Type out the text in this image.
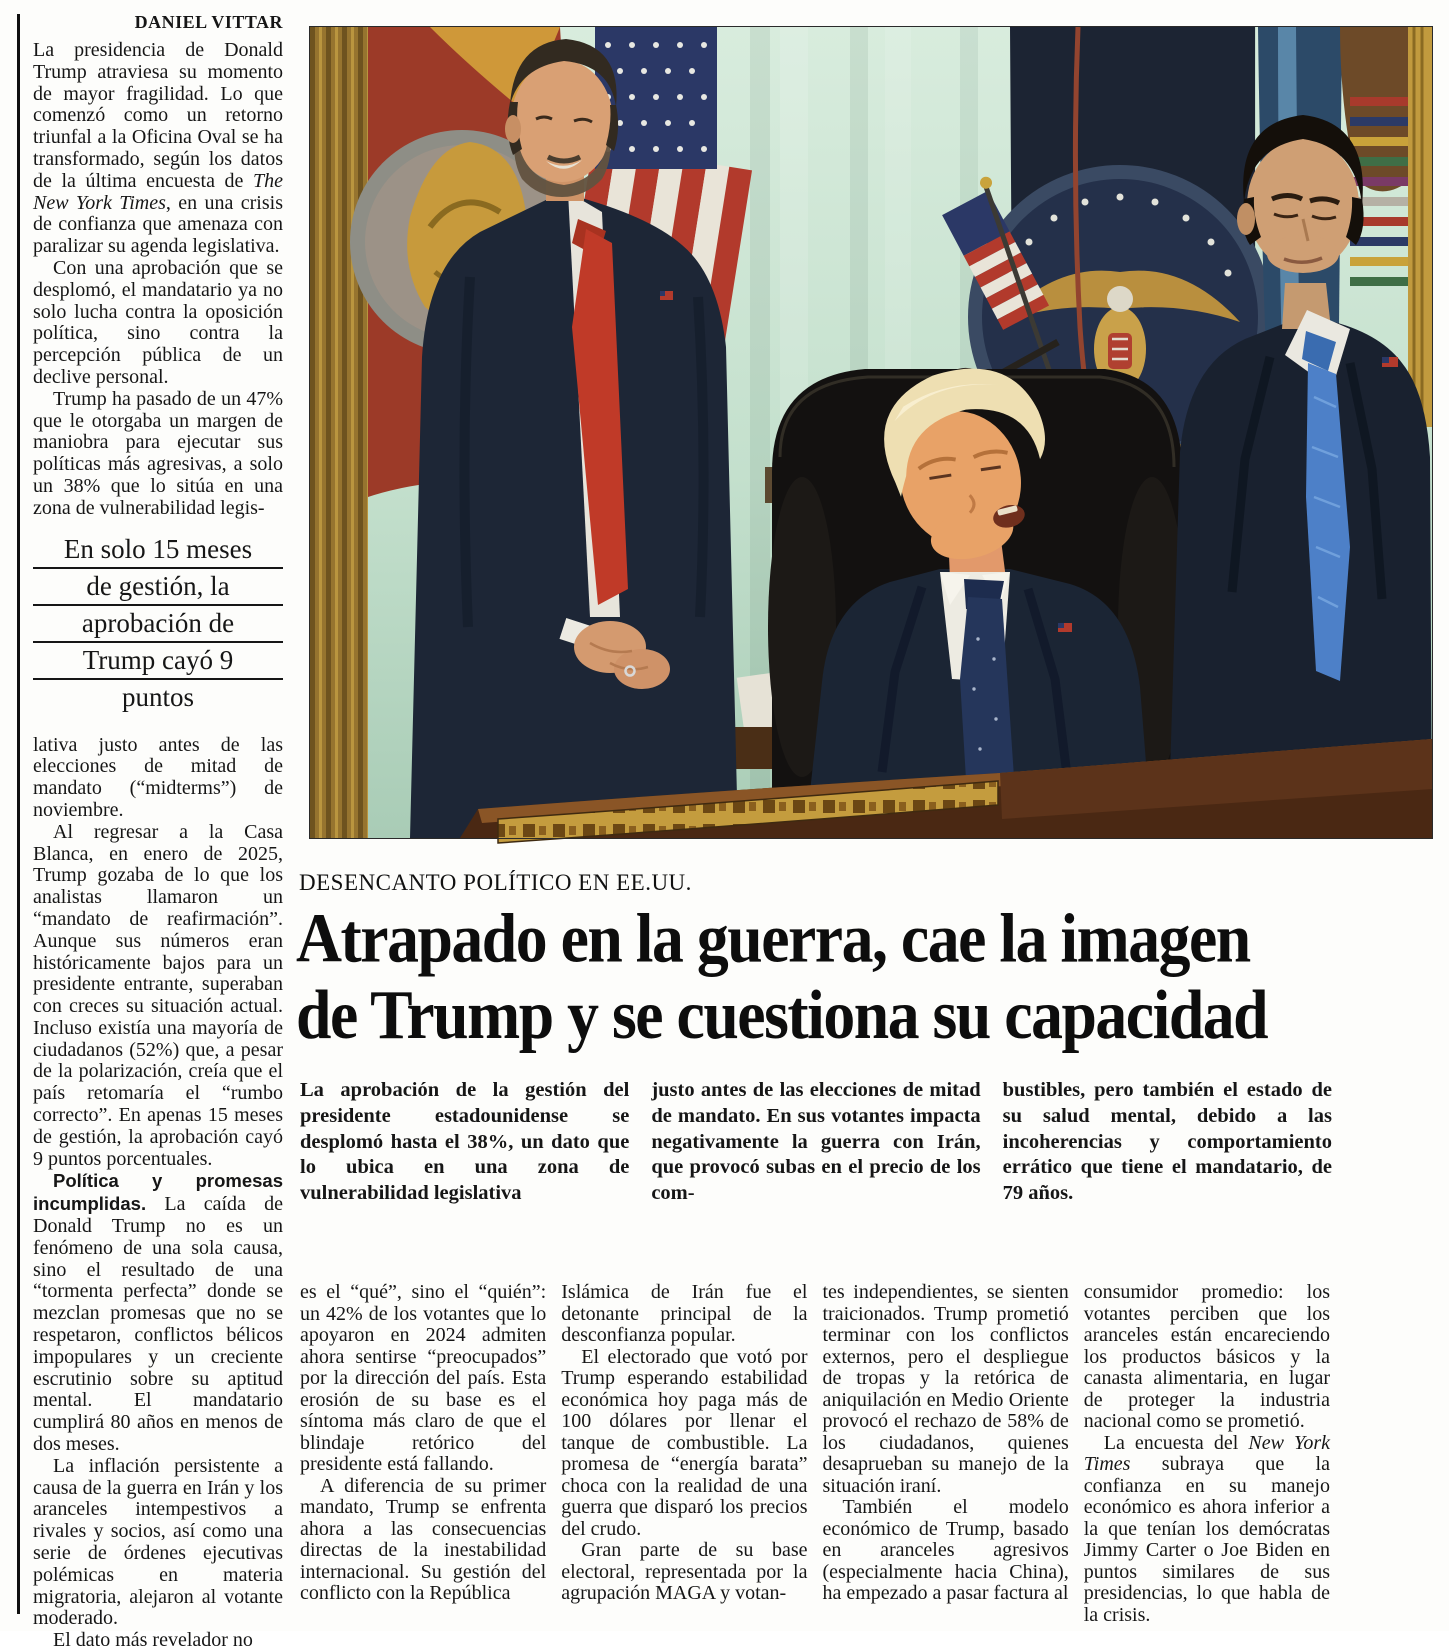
DANIEL VITTAR

La presidencia de Donald Trump atraviesa su momento de mayor fragilidad. Lo que comenzó como un retorno triunfal a la Oficina Oval se ha transformado, según los datos de la última encuesta de The New York Times, en una crisis de confianza que amenaza con paralizar su agenda legislativa.

Con una aprobación que se desplomó, el mandatario ya no solo lucha contra la oposición política, sino contra la percepción pública de un declive personal.

Trump ha pasado de un 47% que le otorgaba un margen de maniobra para ejecutar sus políticas más agresivas, a solo un 38% que lo sitúa en una zona de vulnerabilidad legis-

En solo 15 meses
de gestión, la
aprobación de
Trump cayó 9
puntos

lativa justo antes de las elecciones de mitad de mandato (“midterms”) de noviembre.

Al regresar a la Casa Blanca, en enero de 2025, Trump gozaba de lo que los analistas llamaron un “mandato de reafirmación”. Aunque sus números eran históricamente bajos para un presidente entrante, superaban con creces su situación actual. Incluso existía una mayoría de ciudadanos (52%) que, a pesar de la polarización, creía que el país retomaría el “rumbo correcto”. En apenas 15 meses de gestión, la aprobación cayó 9 puntos porcentuales.

Política y promesas incumplidas. La caída de Donald Trump no es un fenómeno de una sola causa, sino el resultado de una “tormenta perfecta” donde se mezclan promesas que no se respetaron, conflictos bélicos impopulares y un creciente escrutinio sobre su aptitud mental. El mandatario cumplirá 80 años en menos de dos meses.

La inflación persistente a causa de la guerra en Irán y los aranceles intempestivos a rivales y socios, así como una serie de órdenes ejecutivas polémicas en materia migratoria, alejaron al votante moderado.

El dato más revelador no

DESENCANTO POLÍTICO EN EE.UU.
Atrapado en la guerra, cae la imagen
de Trump y se cuestiona su capacidad
La aprobación de la gestión del presidente estadounidense se desplomó hasta el 38%, un dato que lo ubica en una zona de vulnerabilidad legislativa
justo antes de las elecciones de mitad de mandato. En sus votantes impacta negativamente la guerra con Irán, que provocó subas en el precio de los com-
bustibles, pero también el estado de su salud mental, debido a las incoherencias y comportamiento errático que tiene el mandatario, de 79 años.

es el “qué”, sino el “quién”: un 42% de los votantes que lo apoyaron en 2024 admiten ahora sentirse “preocupados” por la dirección del país. Esta erosión de su base es el síntoma más claro de que el blindaje retórico del presidente está fallando.

A diferencia de su primer mandato, Trump se enfrenta ahora a las consecuencias directas de la inestabilidad internacional. Su gestión del conflicto con la República

Islámica de Irán fue el detonante principal de la desconfianza popular.

El electorado que votó por Trump esperando estabilidad económica hoy paga más de 100 dólares por llenar el tanque de combustible. La promesa de “energía barata” choca con la realidad de una guerra que disparó los precios del crudo.

Gran parte de su base electoral, representada por la agrupación MAGA y votan-

tes independientes, se sienten traicionados. Trump prometió terminar con los conflictos externos, pero el despliegue de tropas y la retórica de aniquilación en Medio Oriente provocó el rechazo de 58% de los ciudadanos, quienes desaprueban su manejo de la situación iraní.

También el modelo económico de Trump, basado en aranceles agresivos (especialmente hacia China), ha empezado a pasar factura al

consumidor promedio: los votantes perciben que los aranceles están encareciendo los productos básicos y la canasta alimentaria, en lugar de proteger la industria nacional como se prometió.

La encuesta del New York Times subraya que la confianza en su manejo económico es ahora inferior a la que tenían los demócratas Jimmy Carter o Joe Biden en puntos similares de sus presidencias, lo que habla de la crisis.
